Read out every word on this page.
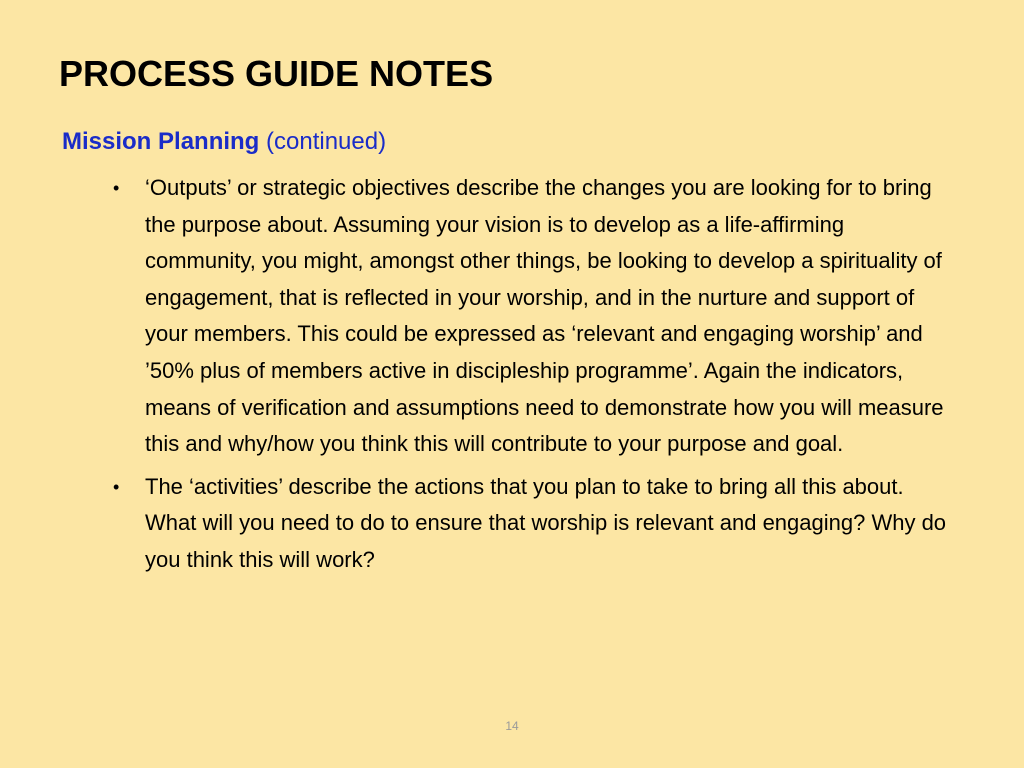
PROCESS GUIDE NOTES
Mission Planning (continued)
• ‘Outputs’ or strategic objectives describe the changes you are looking for to bring the purpose about. Assuming your vision is to develop as a life-affirming community, you might, amongst other things, be looking to develop a spirituality of engagement, that is reflected in your worship, and in the nurture and support of your members. This could be expressed as ‘relevant and engaging worship’ and ’50% plus of members active in discipleship programme’. Again the indicators, means of verification and assumptions need to demonstrate how you will measure this and why/how you think this will contribute to your purpose and goal.
• The ‘activities’ describe the actions that you plan to take to bring all this about. What will you need to do to ensure that worship is relevant and engaging? Why do you think this will work?
14
